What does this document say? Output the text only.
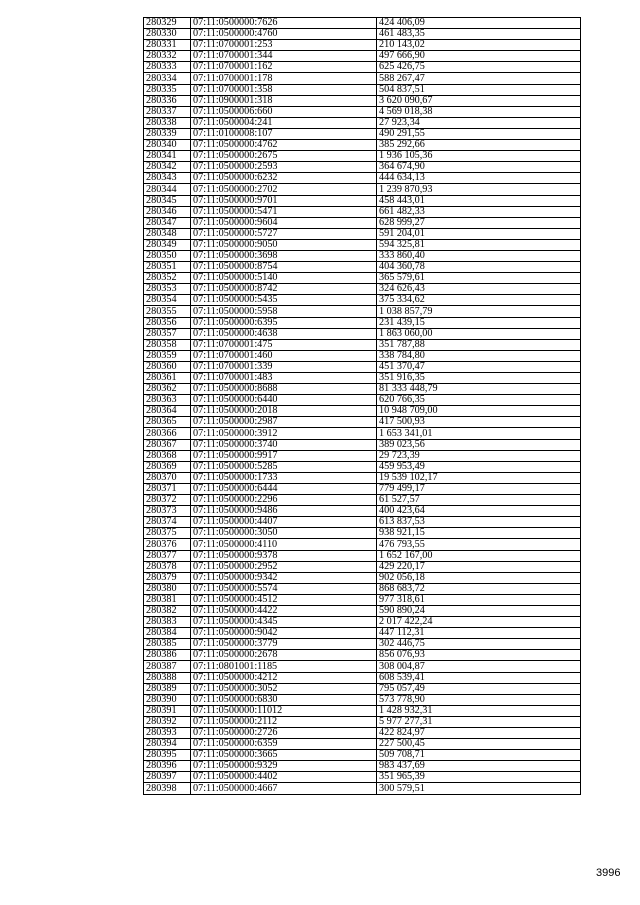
280329	07:11:0500000:7626	424 406,09
280330	07:11:0500000:4760	461 483,35
280331	07:11:0700001:253	210 143,02
280332	07:11:0700001:344	497 666,90
280333	07:11:0700001:162	625 426,75
280334	07:11:0700001:178	588 267,47
280335	07:11:0700001:358	504 837,51
280336	07:11:0900001:318	3 620 090,67
280337	07:11:0500006:660	4 569 018,38
280338	07:11:0500004:241	27 923,34
280339	07:11:0100008:107	490 291,55
280340	07:11:0500000:4762	385 292,66
280341	07:11:0500000:2675	1 936 105,36
280342	07:11:0500000:2593	364 674,90
280343	07:11:0500000:6232	444 634,13
280344	07:11:0500000:2702	1 239 870,93
280345	07:11:0500000:9701	458 443,01
280346	07:11:0500000:5471	661 482,33
280347	07:11:0500000:9604	628 999,27
280348	07:11:0500000:5727	591 204,01
280349	07:11:0500000:9050	594 325,81
280350	07:11:0500000:3698	333 860,40
280351	07:11:0500000:8754	404 360,78
280352	07:11:0500000:5140	365 579,61
280353	07:11:0500000:8742	324 626,43
280354	07:11:0500000:5435	375 334,62
280355	07:11:0500000:5958	1 038 857,79
280356	07:11:0500000:6395	231 439,15
280357	07:11:0500000:4638	1 863 060,00
280358	07:11:0700001:475	351 787,88
280359	07:11:0700001:460	338 784,80
280360	07:11:0700001:339	451 370,47
280361	07:11:0700001:483	351 916,35
280362	07:11:0500000:8688	81 333 448,79
280363	07:11:0500000:6440	620 766,35
280364	07:11:0500000:2018	10 948 709,00
280365	07:11:0500000:2987	417 500,93
280366	07:11:0500000:3912	1 653 341,01
280367	07:11:0500000:3740	389 023,56
280368	07:11:0500000:9917	29 723,39
280369	07:11:0500000:5285	459 953,49
280370	07:11:0500000:1733	19 539 102,17
280371	07:11:0500000:6444	779 499,17
280372	07:11:0500000:2296	61 527,57
280373	07:11:0500000:9486	400 423,64
280374	07:11:0500000:4407	613 837,53
280375	07:11:0500000:3050	938 921,15
280376	07:11:0500000:4110	476 793,55
280377	07:11:0500000:9378	1 652 167,00
280378	07:11:0500000:2952	429 220,17
280379	07:11:0500000:9342	902 056,18
280380	07:11:0500000:5574	868 683,72
280381	07:11:0500000:4512	977 318,61
280382	07:11:0500000:4422	590 890,24
280383	07:11:0500000:4345	2 017 422,24
280384	07:11:0500000:9042	447 112,31
280385	07:11:0500000:3779	302 446,75
280386	07:11:0500000:2678	856 076,93
280387	07:11:0801001:1185	308 004,87
280388	07:11:0500000:4212	608 539,41
280389	07:11:0500000:3052	795 057,49
280390	07:11:0500000:6830	573 778,90
280391	07:11:0500000:11012	1 428 932,31
280392	07:11:0500000:2112	5 977 277,31
280393	07:11:0500000:2726	422 824,97
280394	07:11:0500000:6359	227 500,45
280395	07:11:0500000:3665	509 708,71
280396	07:11:0500000:9329	983 437,69
280397	07:11:0500000:4402	351 965,39
280398	07:11:0500000:4667	300 579,51
3996
